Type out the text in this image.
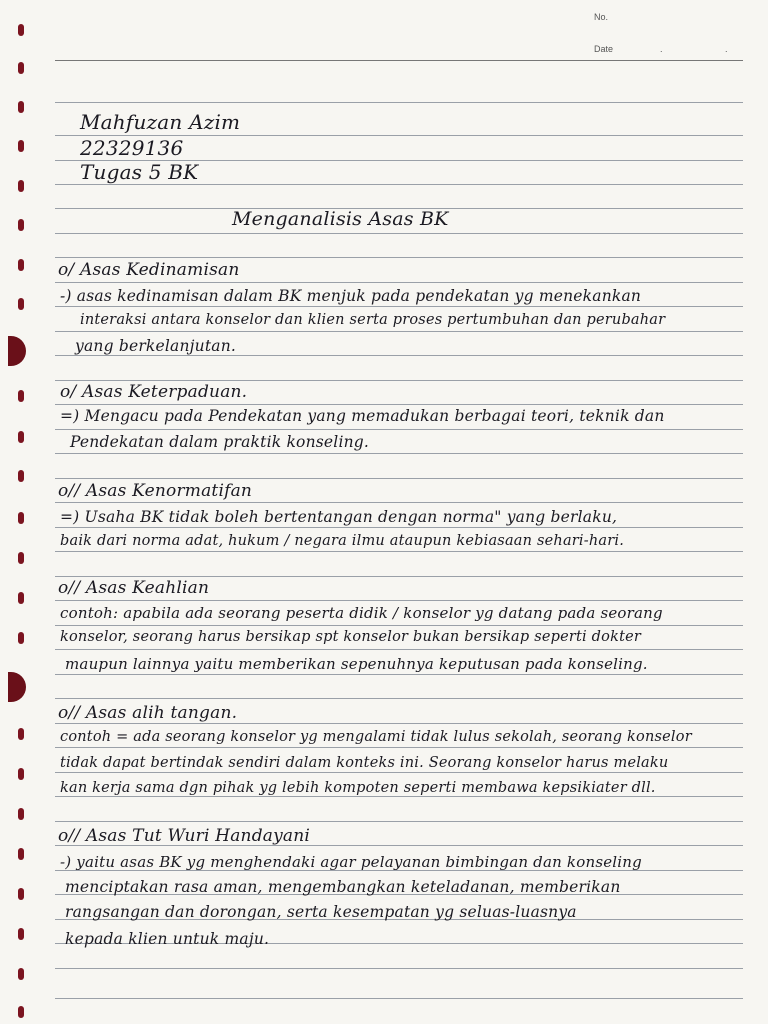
No.
Date	. .
Mahfuzan Azim
22329136
Tugas 5 BK
Menganalisis Asas BK
o/ Asas Kedinamisan
-) asas kedinamisan dalam BK menjuk pada pendekatan yg menekankan
interaksi antara konselor dan klien serta proses pertumbuhan dan perubahar
yang berkelanjutan.
o/ Asas Keterpaduan.
=) Mengacu pada Pendekatan yang memadukan berbagai teori, teknik dan
Pendekatan dalam praktik konseling.
o// Asas Kenormatifan
=) Usaha BK tidak boleh bertentangan dengan norma" yang berlaku,
baik dari norma adat, hukum / negara ilmu ataupun kebiasaan sehari-hari.
o// Asas Keahlian
contoh: apabila ada seorang peserta didik / konselor yg datang pada seorang
konselor, seorang harus bersikap spt konselor bukan bersikap seperti dokter
maupun lainnya yaitu memberikan sepenuhnya keputusan pada konseling.
o// Asas alih tangan.
contoh = ada seorang konselor yg mengalami tidak lulus sekolah, seorang konselor
tidak dapat bertindak sendiri dalam konteks ini. Seorang konselor harus melaku
kan kerja sama dgn pihak yg lebih kompoten seperti membawa kepsikiater dll.
o// Asas Tut Wuri Handayani
-) yaitu asas BK yg menghendaki agar pelayanan bimbingan dan konseling
menciptakan rasa aman, mengembangkan keteladanan, memberikan
rangsangan dan dorongan, serta kesempatan yg seluas-luasnya
kepada klien untuk maju.
